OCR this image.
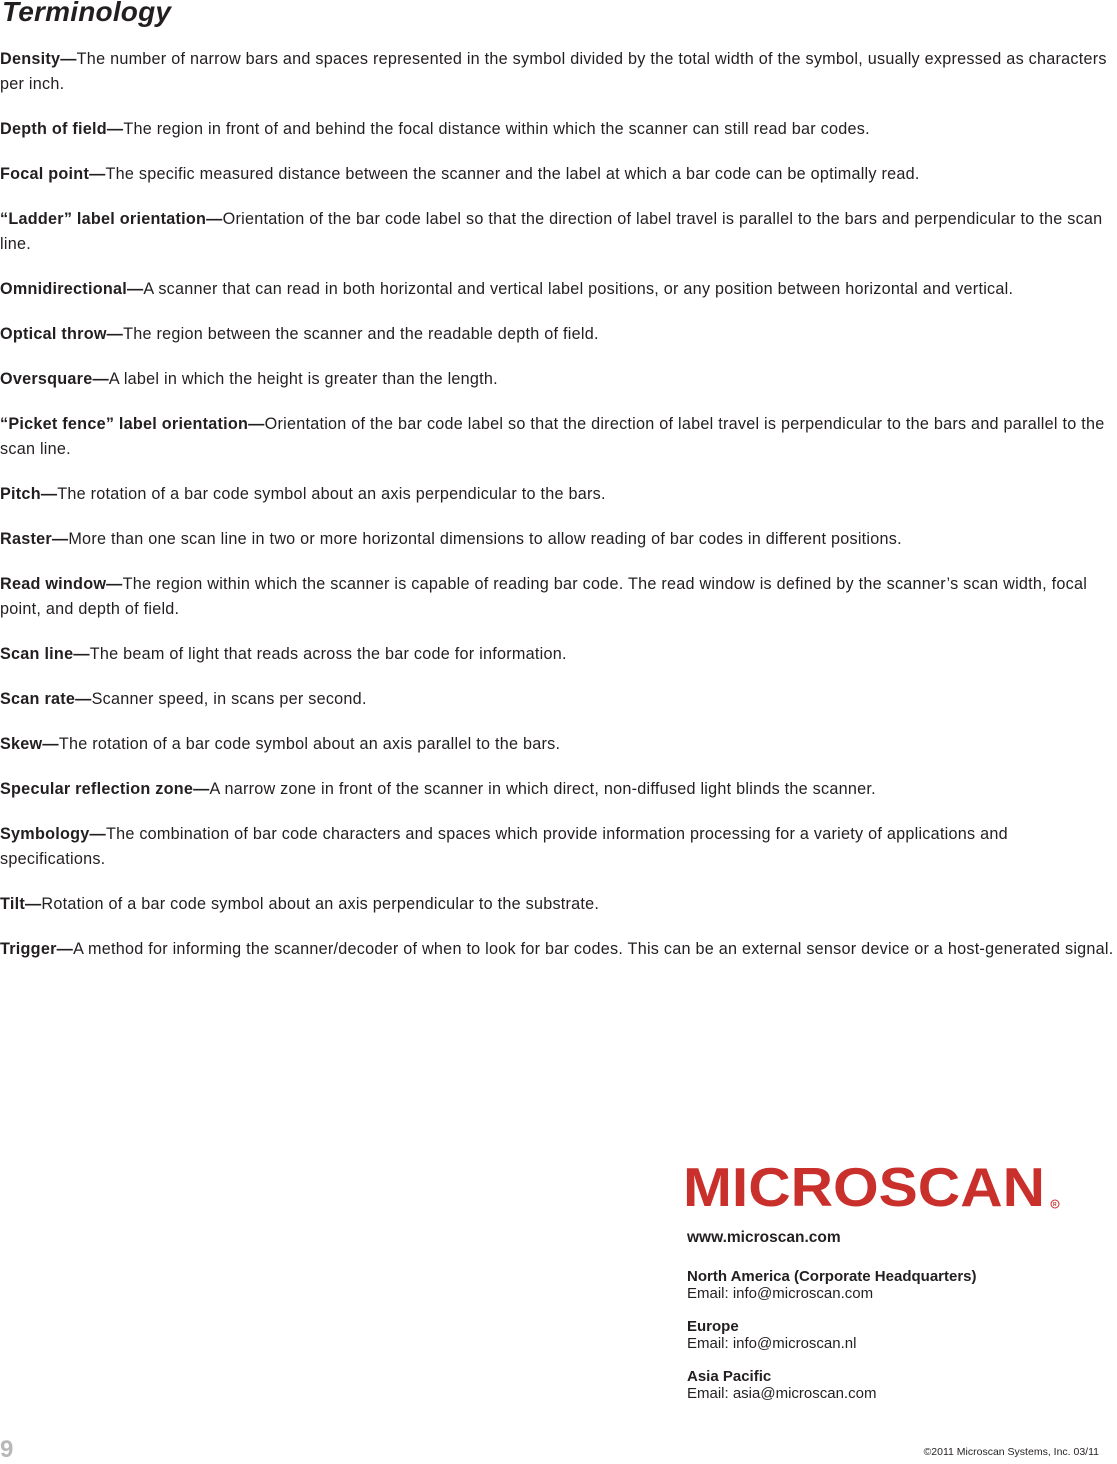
Terminology

Density—The number of narrow bars and spaces represented in the symbol divided by the total width of the symbol, usually expressed as characters per inch.

Depth of field—The region in front of and behind the focal distance within which the scanner can still read bar codes.

Focal point—The specific measured distance between the scanner and the label at which a bar code can be optimally read.

“Ladder” label orientation—Orientation of the bar code label so that the direction of label travel is parallel to the bars and perpendicular to the scan line.

Omnidirectional—A scanner that can read in both horizontal and vertical label positions, or any position between horizontal and vertical.

Optical throw—The region between the scanner and the readable depth of field.

Oversquare—A label in which the height is greater than the length.

“Picket fence” label orientation—Orientation of the bar code label so that the direction of label travel is perpendicular to the bars and parallel to the scan line.

Pitch—The rotation of a bar code symbol about an axis perpendicular to the bars.

Raster—More than one scan line in two or more horizontal dimensions to allow reading of bar codes in different positions.

Read window—The region within which the scanner is capable of reading bar code. The read window is defined by the scanner’s scan width, focal point, and depth of field.

Scan line—The beam of light that reads across the bar code for information.

Scan rate—Scanner speed, in scans per second.

Skew—The rotation of a bar code symbol about an axis parallel to the bars.

Specular reflection zone—A narrow zone in front of the scanner in which direct, non-diffused light blinds the scanner.

Symbology—The combination of bar code characters and spaces which provide information processing for a variety of applications and specifications.

Tilt—Rotation of a bar code symbol about an axis perpendicular to the substrate.

Trigger—A method for informing the scanner/decoder of when to look for bar codes. This can be an external sensor device or a host-generated signal.

MICROSCAN R
www.microscan.com
North America (Corporate Headquarters)
Email: info@microscan.com
Europe
Email: info@microscan.nl
Asia Pacific
Email: asia@microscan.com
9	©2011 Microscan Systems, Inc. 03/11
